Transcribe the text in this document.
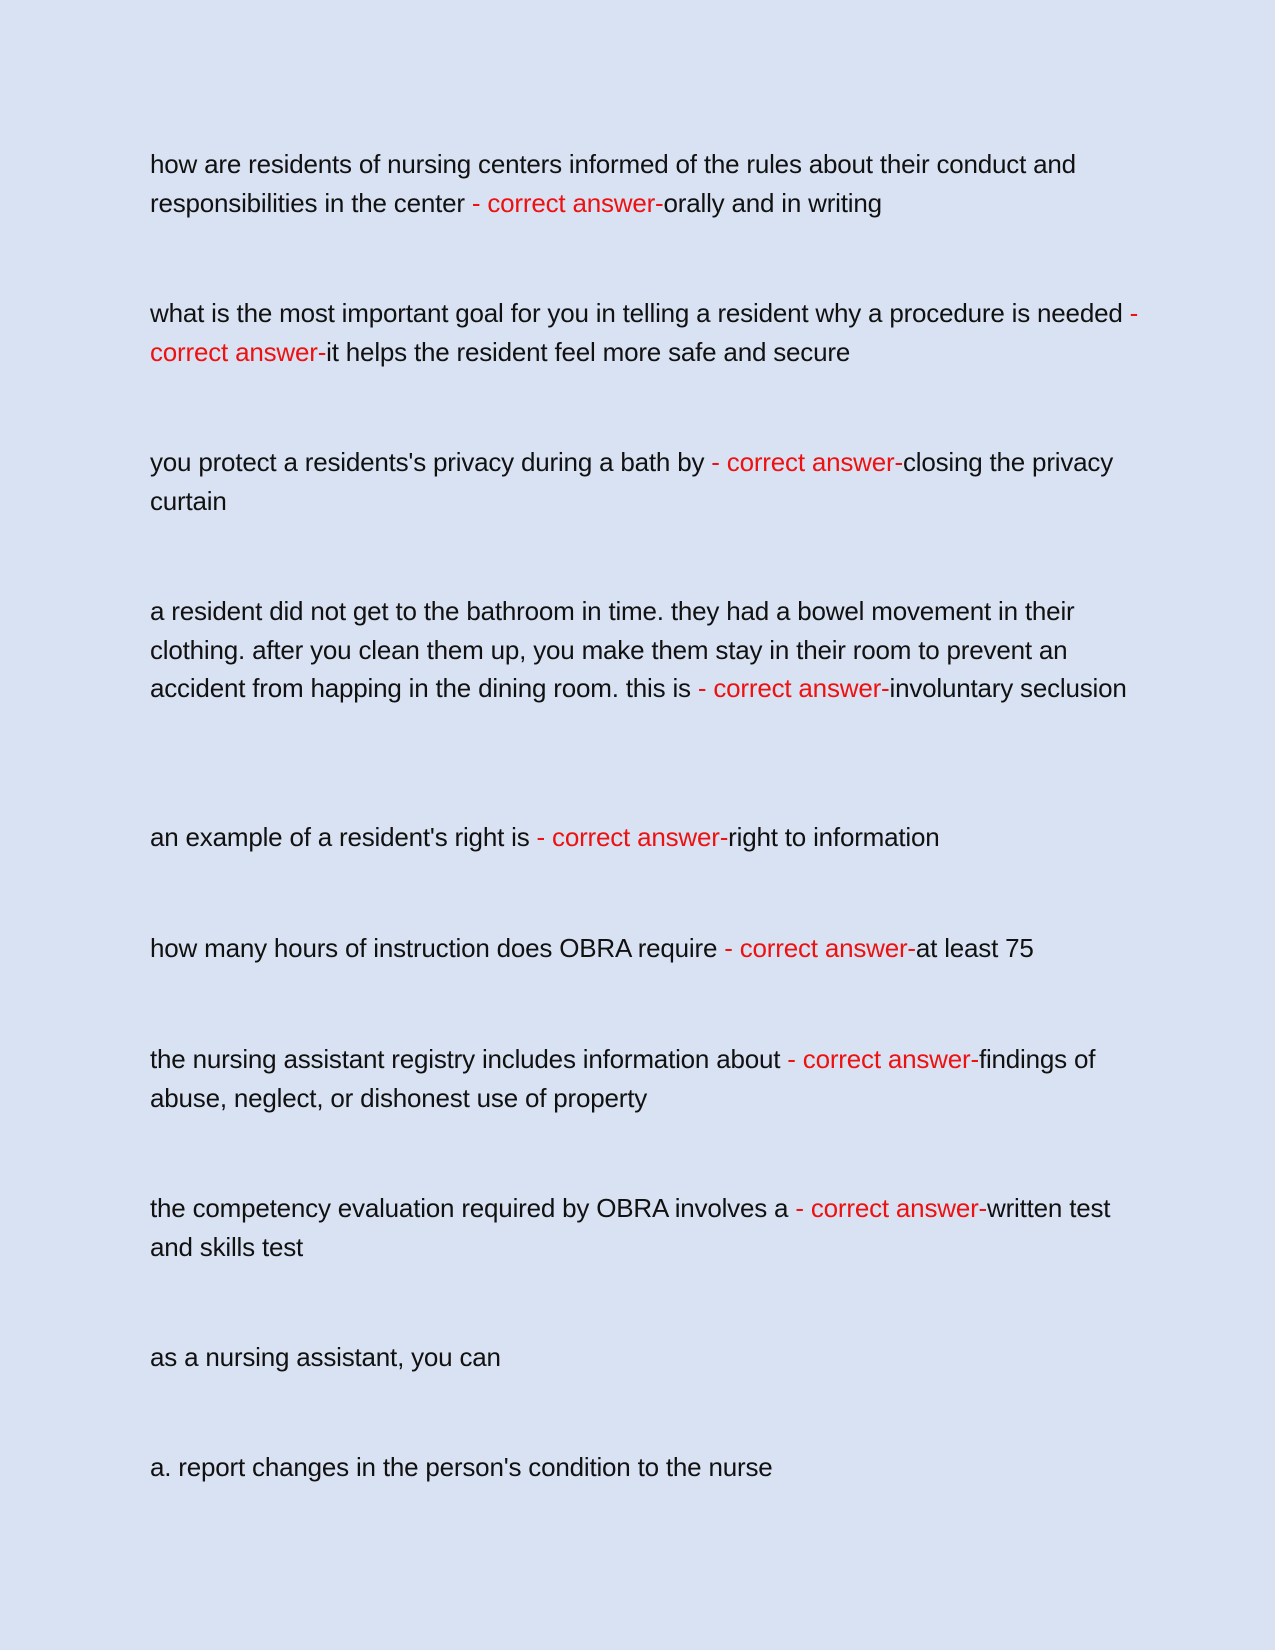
how are residents of nursing centers informed of the rules about their conduct and responsibilities in the center - correct answer-orally and in writing

what is the most important goal for you in telling a resident why a procedure is needed - correct answer-it helps the resident feel more safe and secure

you protect a residents's privacy during a bath by - correct answer-closing the privacy curtain

a resident did not get to the bathroom in time. they had a bowel movement in their clothing. after you clean them up, you make them stay in their room to prevent an accident from happing in the dining room. this is - correct answer-involuntary seclusion

an example of a resident's right is - correct answer-right to information

how many hours of instruction does OBRA require - correct answer-at least 75

the nursing assistant registry includes information about - correct answer-findings of abuse, neglect, or dishonest use of property

the competency evaluation required by OBRA involves a - correct answer-written test and skills test

as a nursing assistant, you can

a. report changes in the person's condition to the nurse
